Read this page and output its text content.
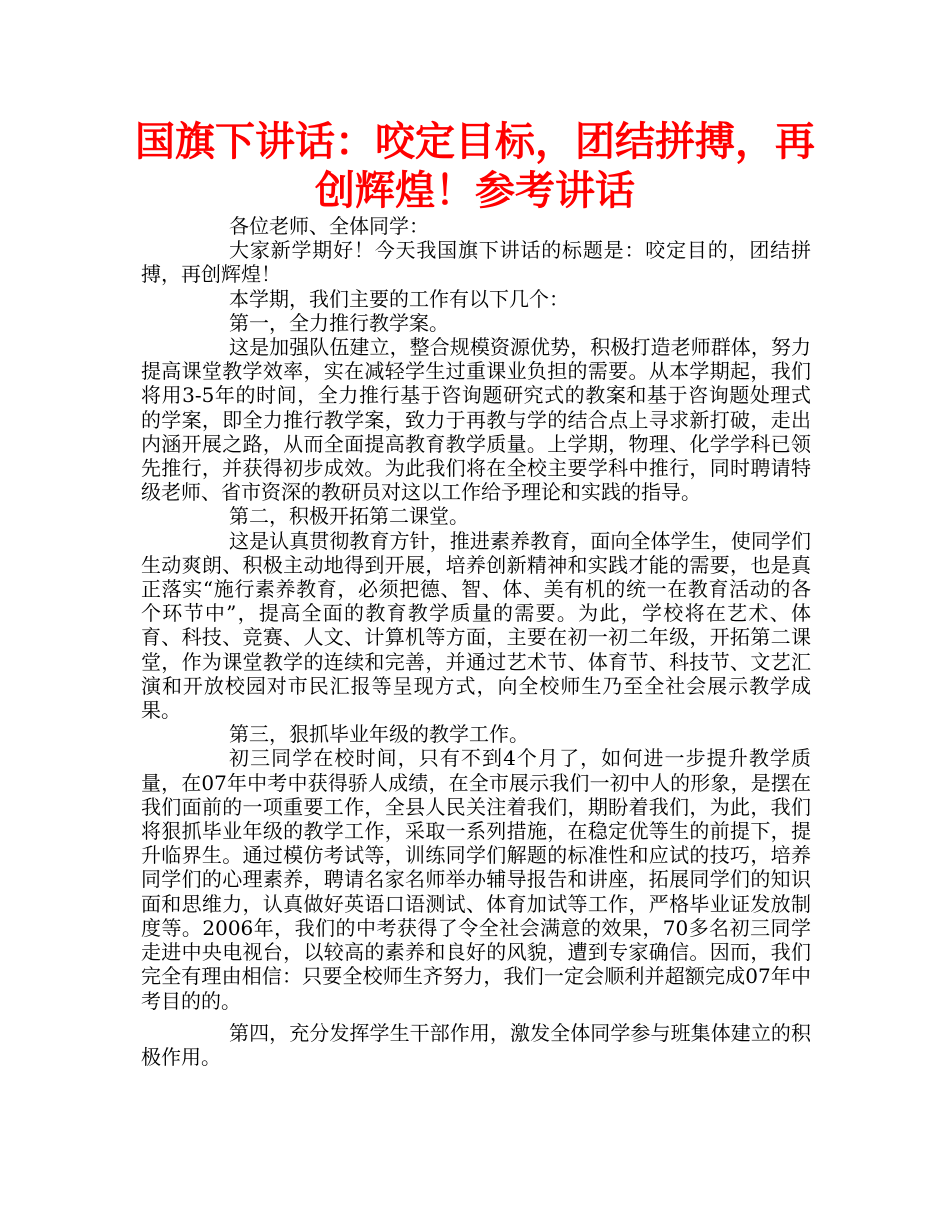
国旗下讲话：咬定目标，团结拼搏，再创辉煌！参考讲话

各位老师、全体同学：

大家新学期好！今天我国旗下讲话的标题是：咬定目的，团结拼搏，再创辉煌！

本学期，我们主要的工作有以下几个：

第一，全力推行教学案。

这是加强队伍建立，整合规模资源优势，积极打造老师群体，努力提高课堂教学效率，实在减轻学生过重课业负担的需要。从本学期起，我们将用3-5年的时间，全力推行基于咨询题研究式的教案和基于咨询题处理式的学案，即全力推行教学案，致力于再教与学的结合点上寻求新打破，走出内涵开展之路，从而全面提高教育教学质量。上学期，物理、化学学科已领先推行，并获得初步成效。为此我们将在全校主要学科中推行，同时聘请特级老师、省市资深的教研员对这以工作给予理论和实践的指导。

第二，积极开拓第二课堂。

这是认真贯彻教育方针，推进素养教育，面向全体学生，使同学们生动爽朗、积极主动地得到开展，培养创新精神和实践才能的需要，也是真正落实“施行素养教育，必须把德、智、体、美有机的统一在教育活动的各个环节中”，提高全面的教育教学质量的需要。为此，学校将在艺术、体育、科技、竞赛、人文、计算机等方面，主要在初一初二年级，开拓第二课堂，作为课堂教学的连续和完善，并通过艺术节、体育节、科技节、文艺汇演和开放校园对市民汇报等呈现方式，向全校师生乃至全社会展示教学成果。

第三，狠抓毕业年级的教学工作。

初三同学在校时间，只有不到4个月了，如何进一步提升教学质量，在07年中考中获得骄人成绩，在全市展示我们一初中人的形象，是摆在我们面前的一项重要工作，全县人民关注着我们，期盼着我们，为此，我们将狠抓毕业年级的教学工作，采取一系列措施，在稳定优等生的前提下，提升临界生。通过模仿考试等，训练同学们解题的标准性和应试的技巧，培养同学们的心理素养，聘请名家名师举办辅导报告和讲座，拓展同学们的知识面和思维力，认真做好英语口语测试、体育加试等工作，严格毕业证发放制度等。2006年，我们的中考获得了令全社会满意的效果，70多名初三同学走进中央电视台，以较高的素养和良好的风貌，遭到专家确信。因而，我们完全有理由相信：只要全校师生齐努力，我们一定会顺利并超额完成07年中考目的的。

第四，充分发挥学生干部作用，激发全体同学参与班集体建立的积极作用。
